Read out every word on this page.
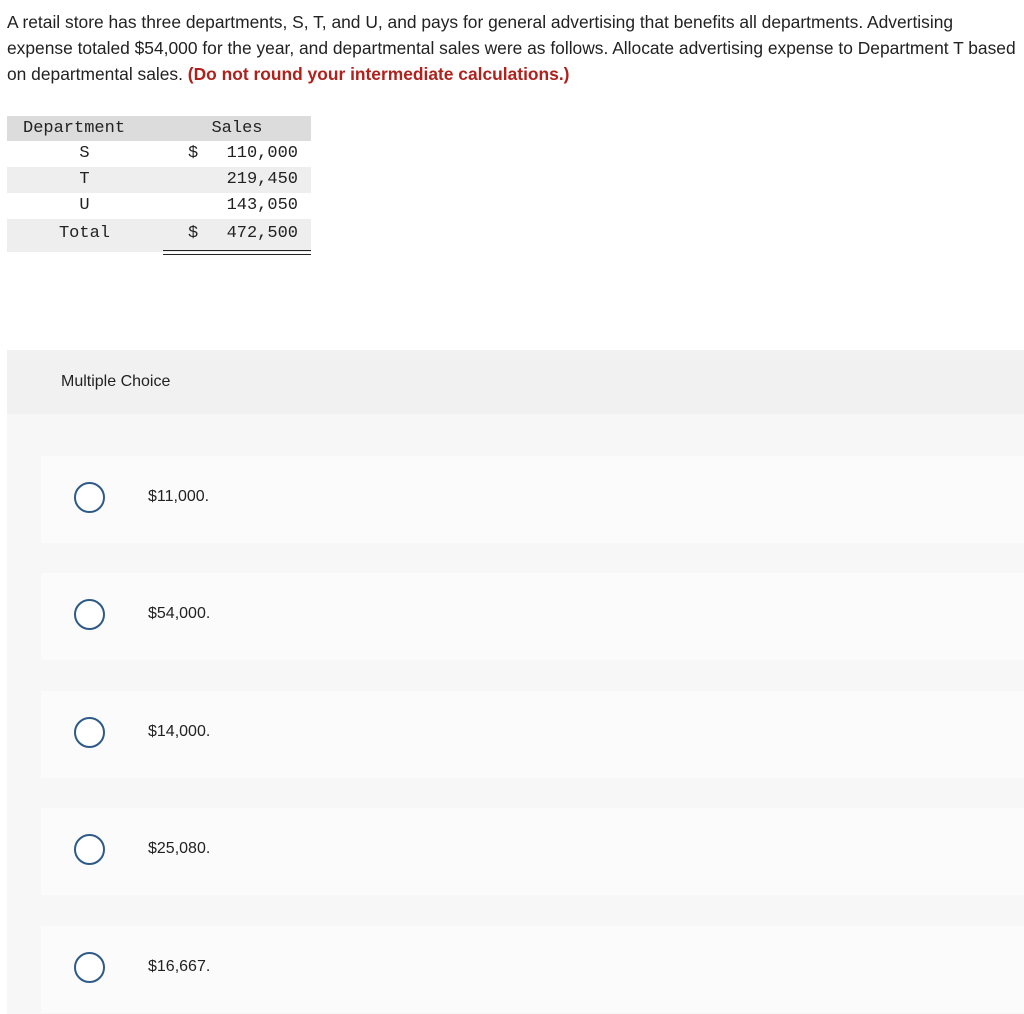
A retail store has three departments, S, T, and U, and pays for general advertising that benefits all departments. Advertising expense totaled $54,000 for the year, and departmental sales were as follows. Allocate advertising expense to Department T based on departmental sales. (Do not round your intermediate calculations.)
Department	Sales
S	$ 110,000
T	219,450
U	143,050
Total	$ 472,500
Multiple Choice
$11,000.
$54,000.
$14,000.
$25,080.
$16,667.
